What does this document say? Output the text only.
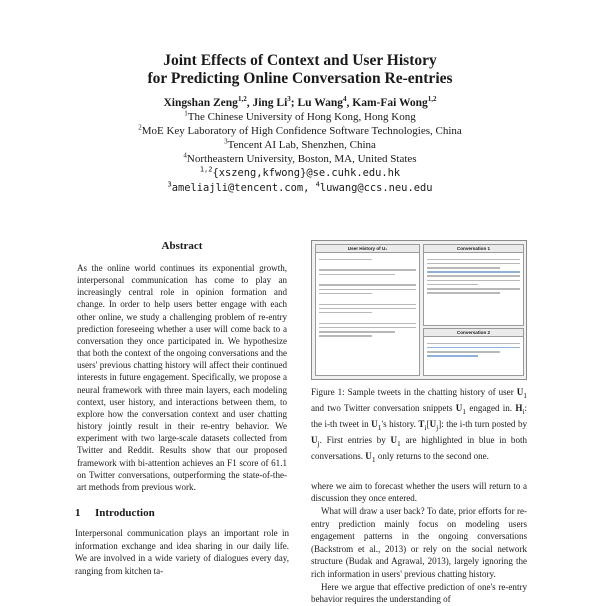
Joint Effects of Context and User History
for Predicting Online Conversation Re-entries
Xingshan Zeng$^{1,2}$, Jing Li$^3$; Lu Wang$^4$, Kam-Fai Wong$^{1,2}$
$^1$The Chinese University of Hong Kong, Hong Kong
$^2$MoE Key Laboratory of High Confidence Software Technologies, China
$^3$Tencent AI Lab, Shenzhen, China
$^4$Northeastern University, Boston, MA, United States
$^{1,2}${xszeng,kfwong}@se.cuhk.edu.hk
$^3$ameliajli@tencent.com, $^4$luwang@ccs.neu.edu
Abstract
As the online world continues its exponential growth, interpersonal communication has come to play an increasingly central role in opinion formation and change. In order to help users better engage with each other online, we study a challenging problem of re-entry prediction foreseeing whether a user will come back to a conversation they once participated in. We hypothesize that both the context of the ongoing conversations and the users' previous chatting history will affect their continued interests in future engagement. Specifically, we propose a neural framework with three main layers, each modeling context, user history, and interactions between them, to explore how the conversation context and user chatting history jointly result in their re-entry behavior. We experiment with two large-scale datasets collected from Twitter and Reddit. Results show that our proposed framework with bi-attention achieves an F1 score of 61.1 on Twitter conversations, outperforming the state-of-the-art methods from previous work.
1 Introduction
Interpersonal communication plays an important role in information exchange and idea sharing in our daily life. We are involved in a wide variety of dialogues every day, ranging from kitchen ta-
User History of U₁	Conversation 1
Conversation 2
Figure 1: Sample tweets in the chatting history of user $U_1$ and two Twitter conversation snippets $U_1$ engaged in. $H_i$: the i-th tweet in $U_1's$ history. $T_i[U_j]$: the i-th turn posted by $U_j$. First entries by $U_1$ are highlighted in blue in both conversations. $U_1$ only returns to the second one.

where we aim to forecast whether the users will return to a discussion they once entered.

What will draw a user back? To date, prior efforts for re-entry prediction mainly focus on modeling users engagement patterns in the ongoing conversations (Backstrom et al., 2013) or rely on the social network structure (Budak and Agrawal, 2013), largely ignoring the rich information in users' previous chatting history.

Here we argue that effective prediction of one's re-entry behavior requires the understanding of
